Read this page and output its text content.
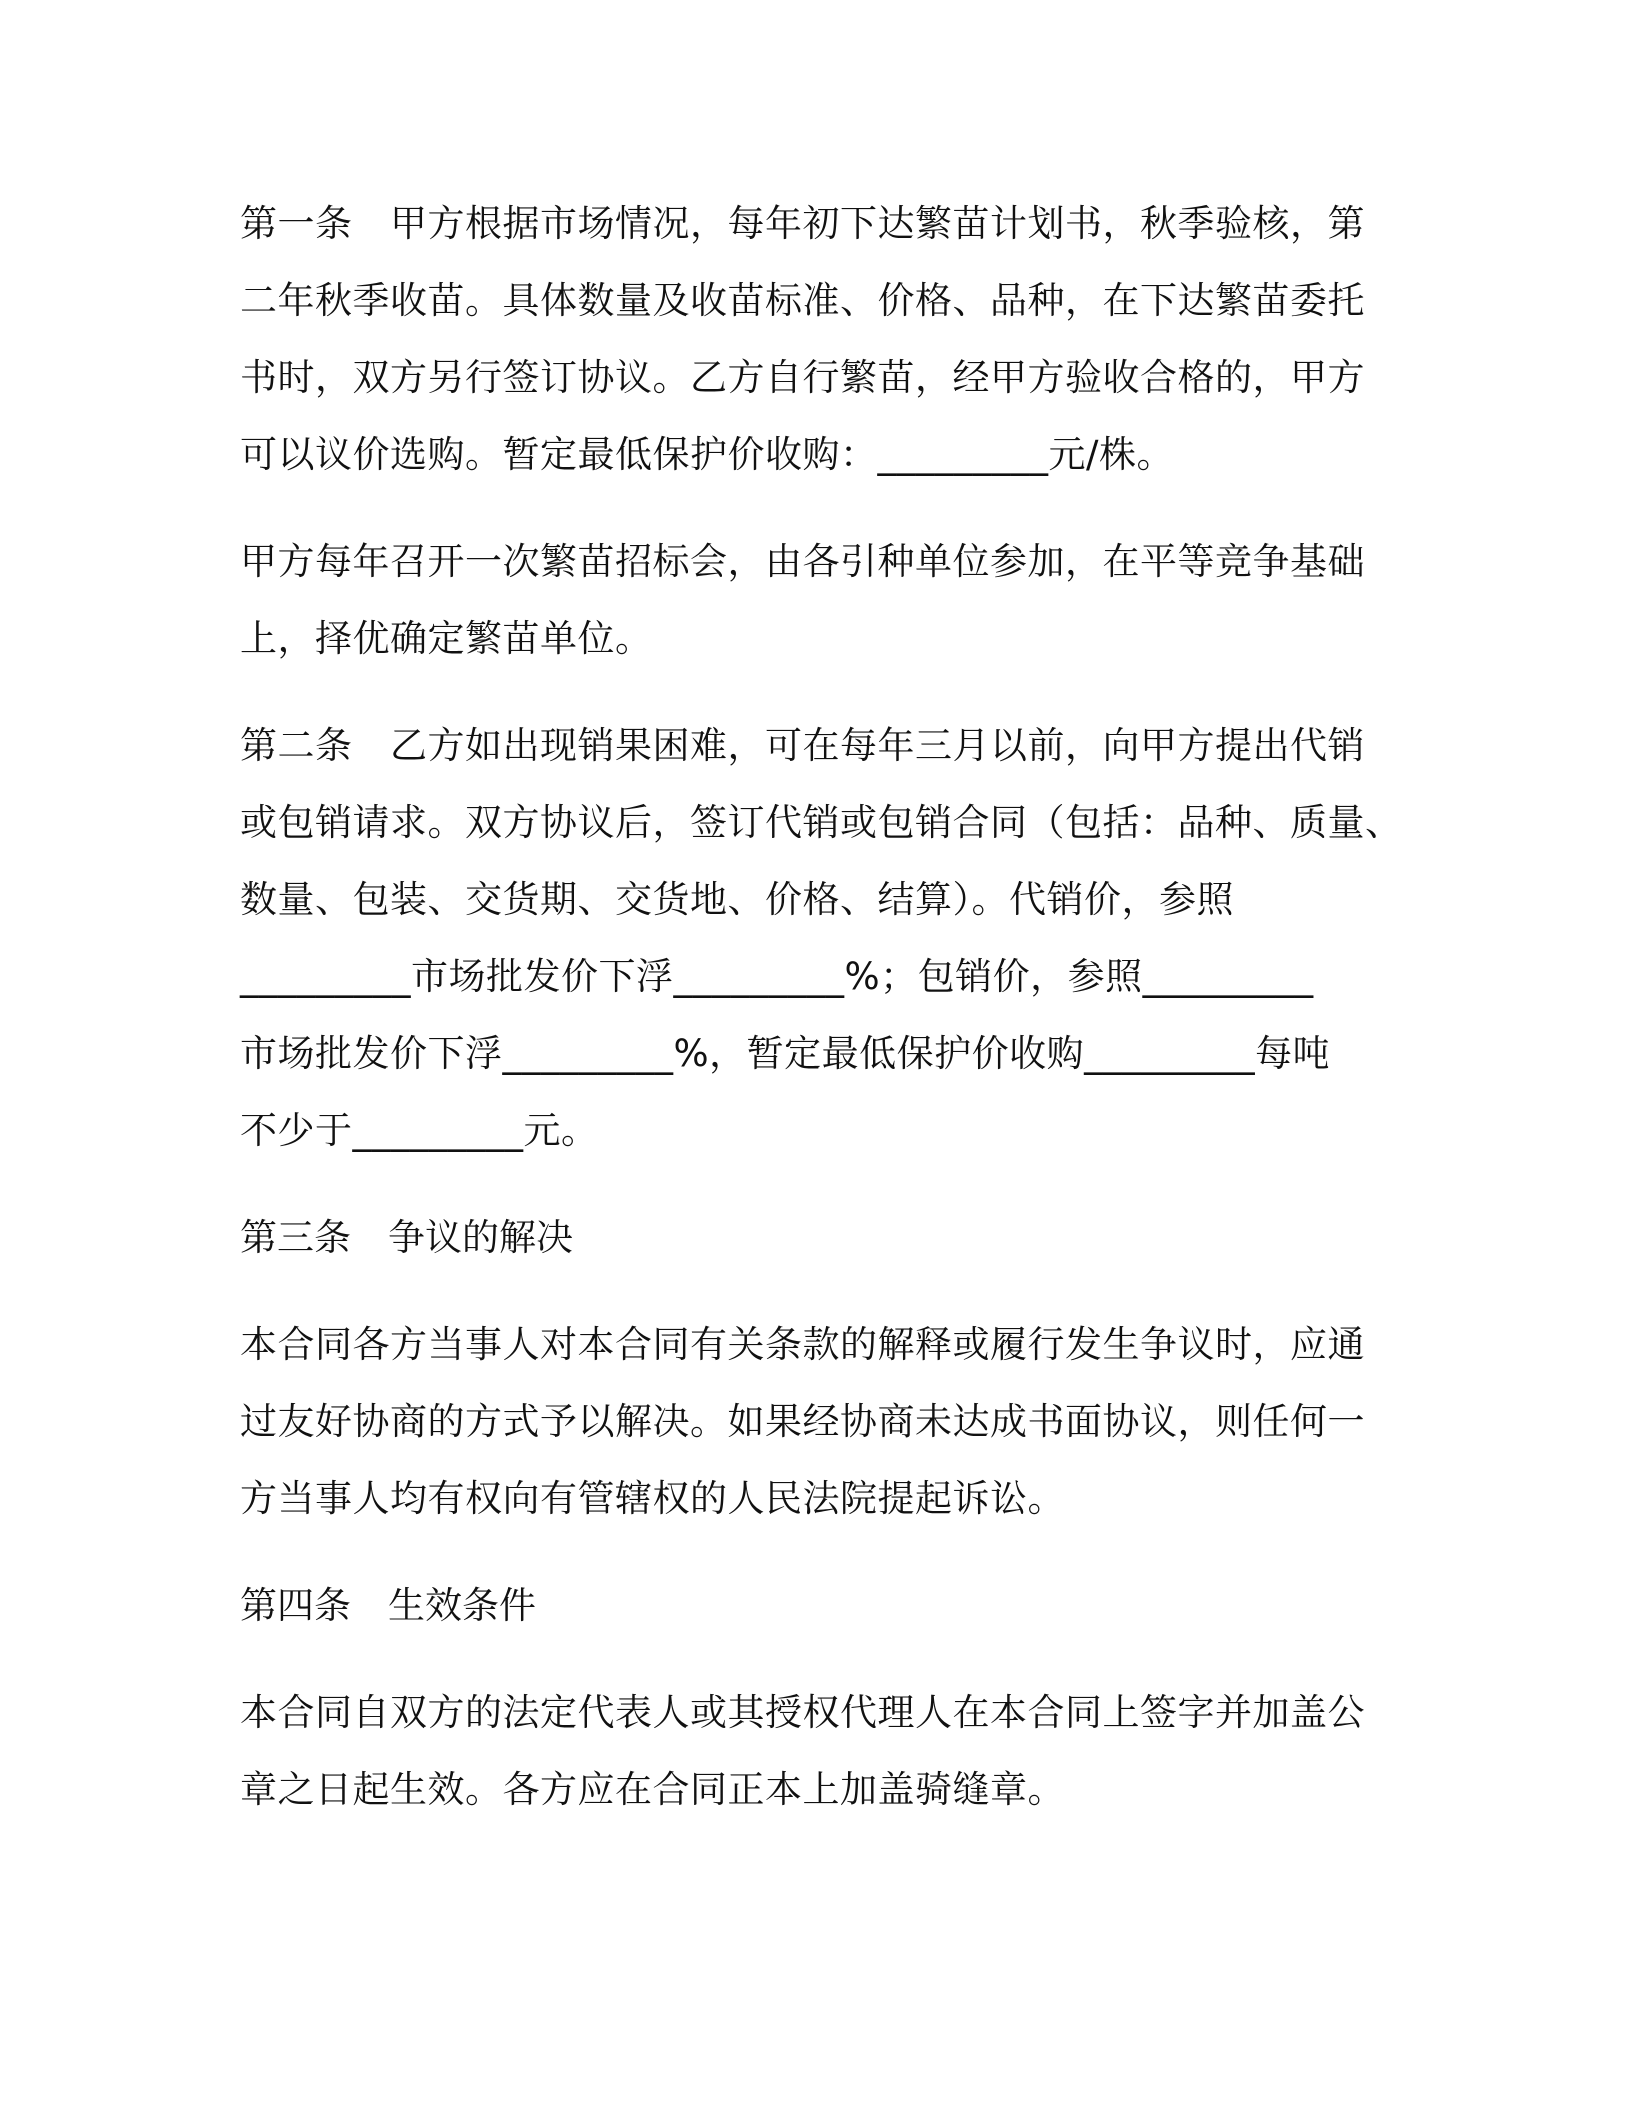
第一条　甲方根据市场情况，每年初下达繁苗计划书，秋季验核，第
二年秋季收苗。具体数量及收苗标准、价格、品种，在下达繁苗委托
书时，双方另行签订协议。乙方自行繁苗，经甲方验收合格的，甲方
可以议价选购。暂定最低保护价收购：_________元/株。
甲方每年召开一次繁苗招标会，由各引种单位参加，在平等竞争基础
上，择优确定繁苗单位。
第二条　乙方如出现销果困难，可在每年三月以前，向甲方提出代销
或包销请求。双方协议后，签订代销或包销合同（包括：品种、质量、
数量、包装、交货期、交货地、价格、结算）。代销价，参照
_________市场批发价下浮_________%；包销价，参照_________
市场批发价下浮_________%，暂定最低保护价收购_________每吨
不少于_________元。
第三条　争议的解决
本合同各方当事人对本合同有关条款的解释或履行发生争议时，应通
过友好协商的方式予以解决。如果经协商未达成书面协议，则任何一
方当事人均有权向有管辖权的人民法院提起诉讼。
第四条　生效条件
本合同自双方的法定代表人或其授权代理人在本合同上签字并加盖公
章之日起生效。各方应在合同正本上加盖骑缝章。
